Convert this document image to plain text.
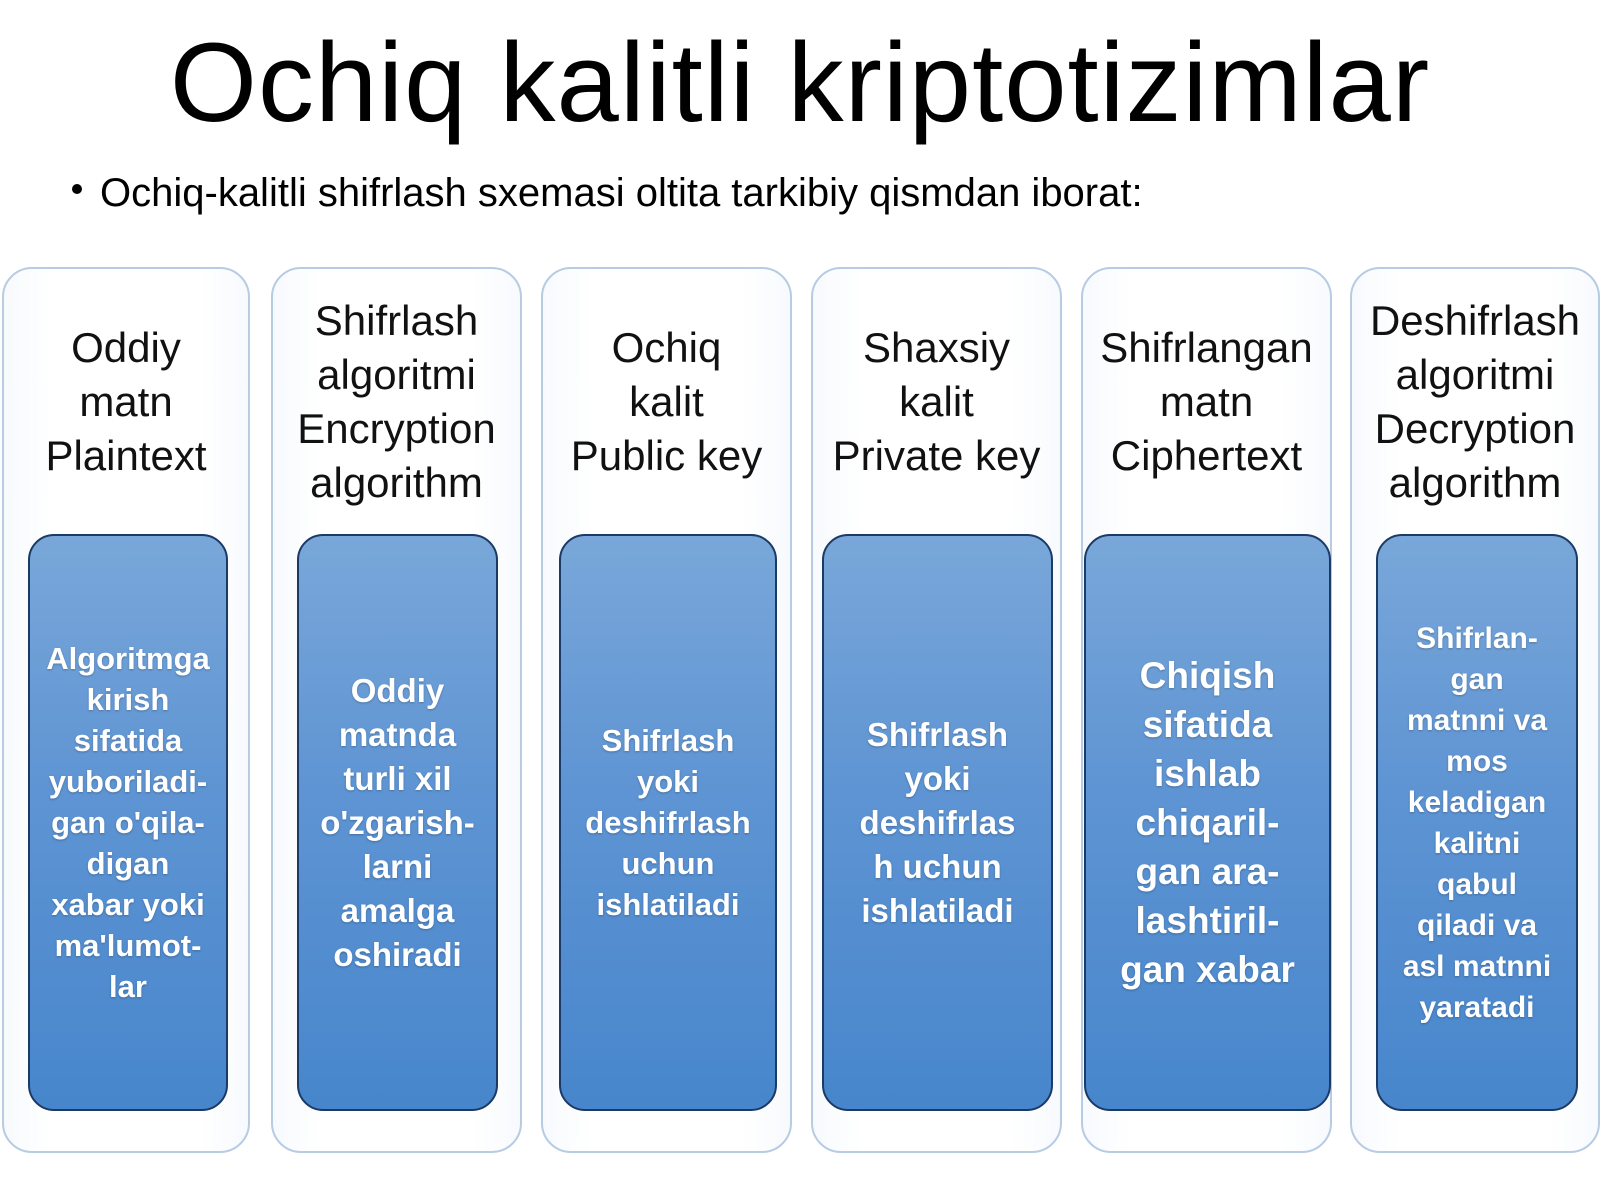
Ochiq kalitli kriptotizimlar
Ochiq-kalitli shifrlash sxemasi oltita tarkibiy qismdan iborat:
Oddiy
matn
Plaintext
Algoritmga
kirish
sifatida
yuboriladi-
gan o'qila-
digan
xabar yoki
ma'lumot-
lar
Shifrlash
algoritmi
Encryption
algorithm
Oddiy
matnda
turli xil
o'zgarish-
larni
amalga
oshiradi
Ochiq
kalit
Public key
Shifrlash
yoki
deshifrlash
uchun
ishlatiladi
Shaxsiy
kalit
Private key
Shifrlash
yoki
deshifrlas
h uchun
ishlatiladi
Shifrlangan
matn
Ciphertext
Chiqish
sifatida
ishlab
chiqaril-
gan ara-
lashtiril-
gan xabar
Deshifrlash
algoritmi
Decryption
algorithm
Shifrlan-
gan
matnni va
mos
keladigan
kalitni
qabul
qiladi va
asl matnni
yaratadi
